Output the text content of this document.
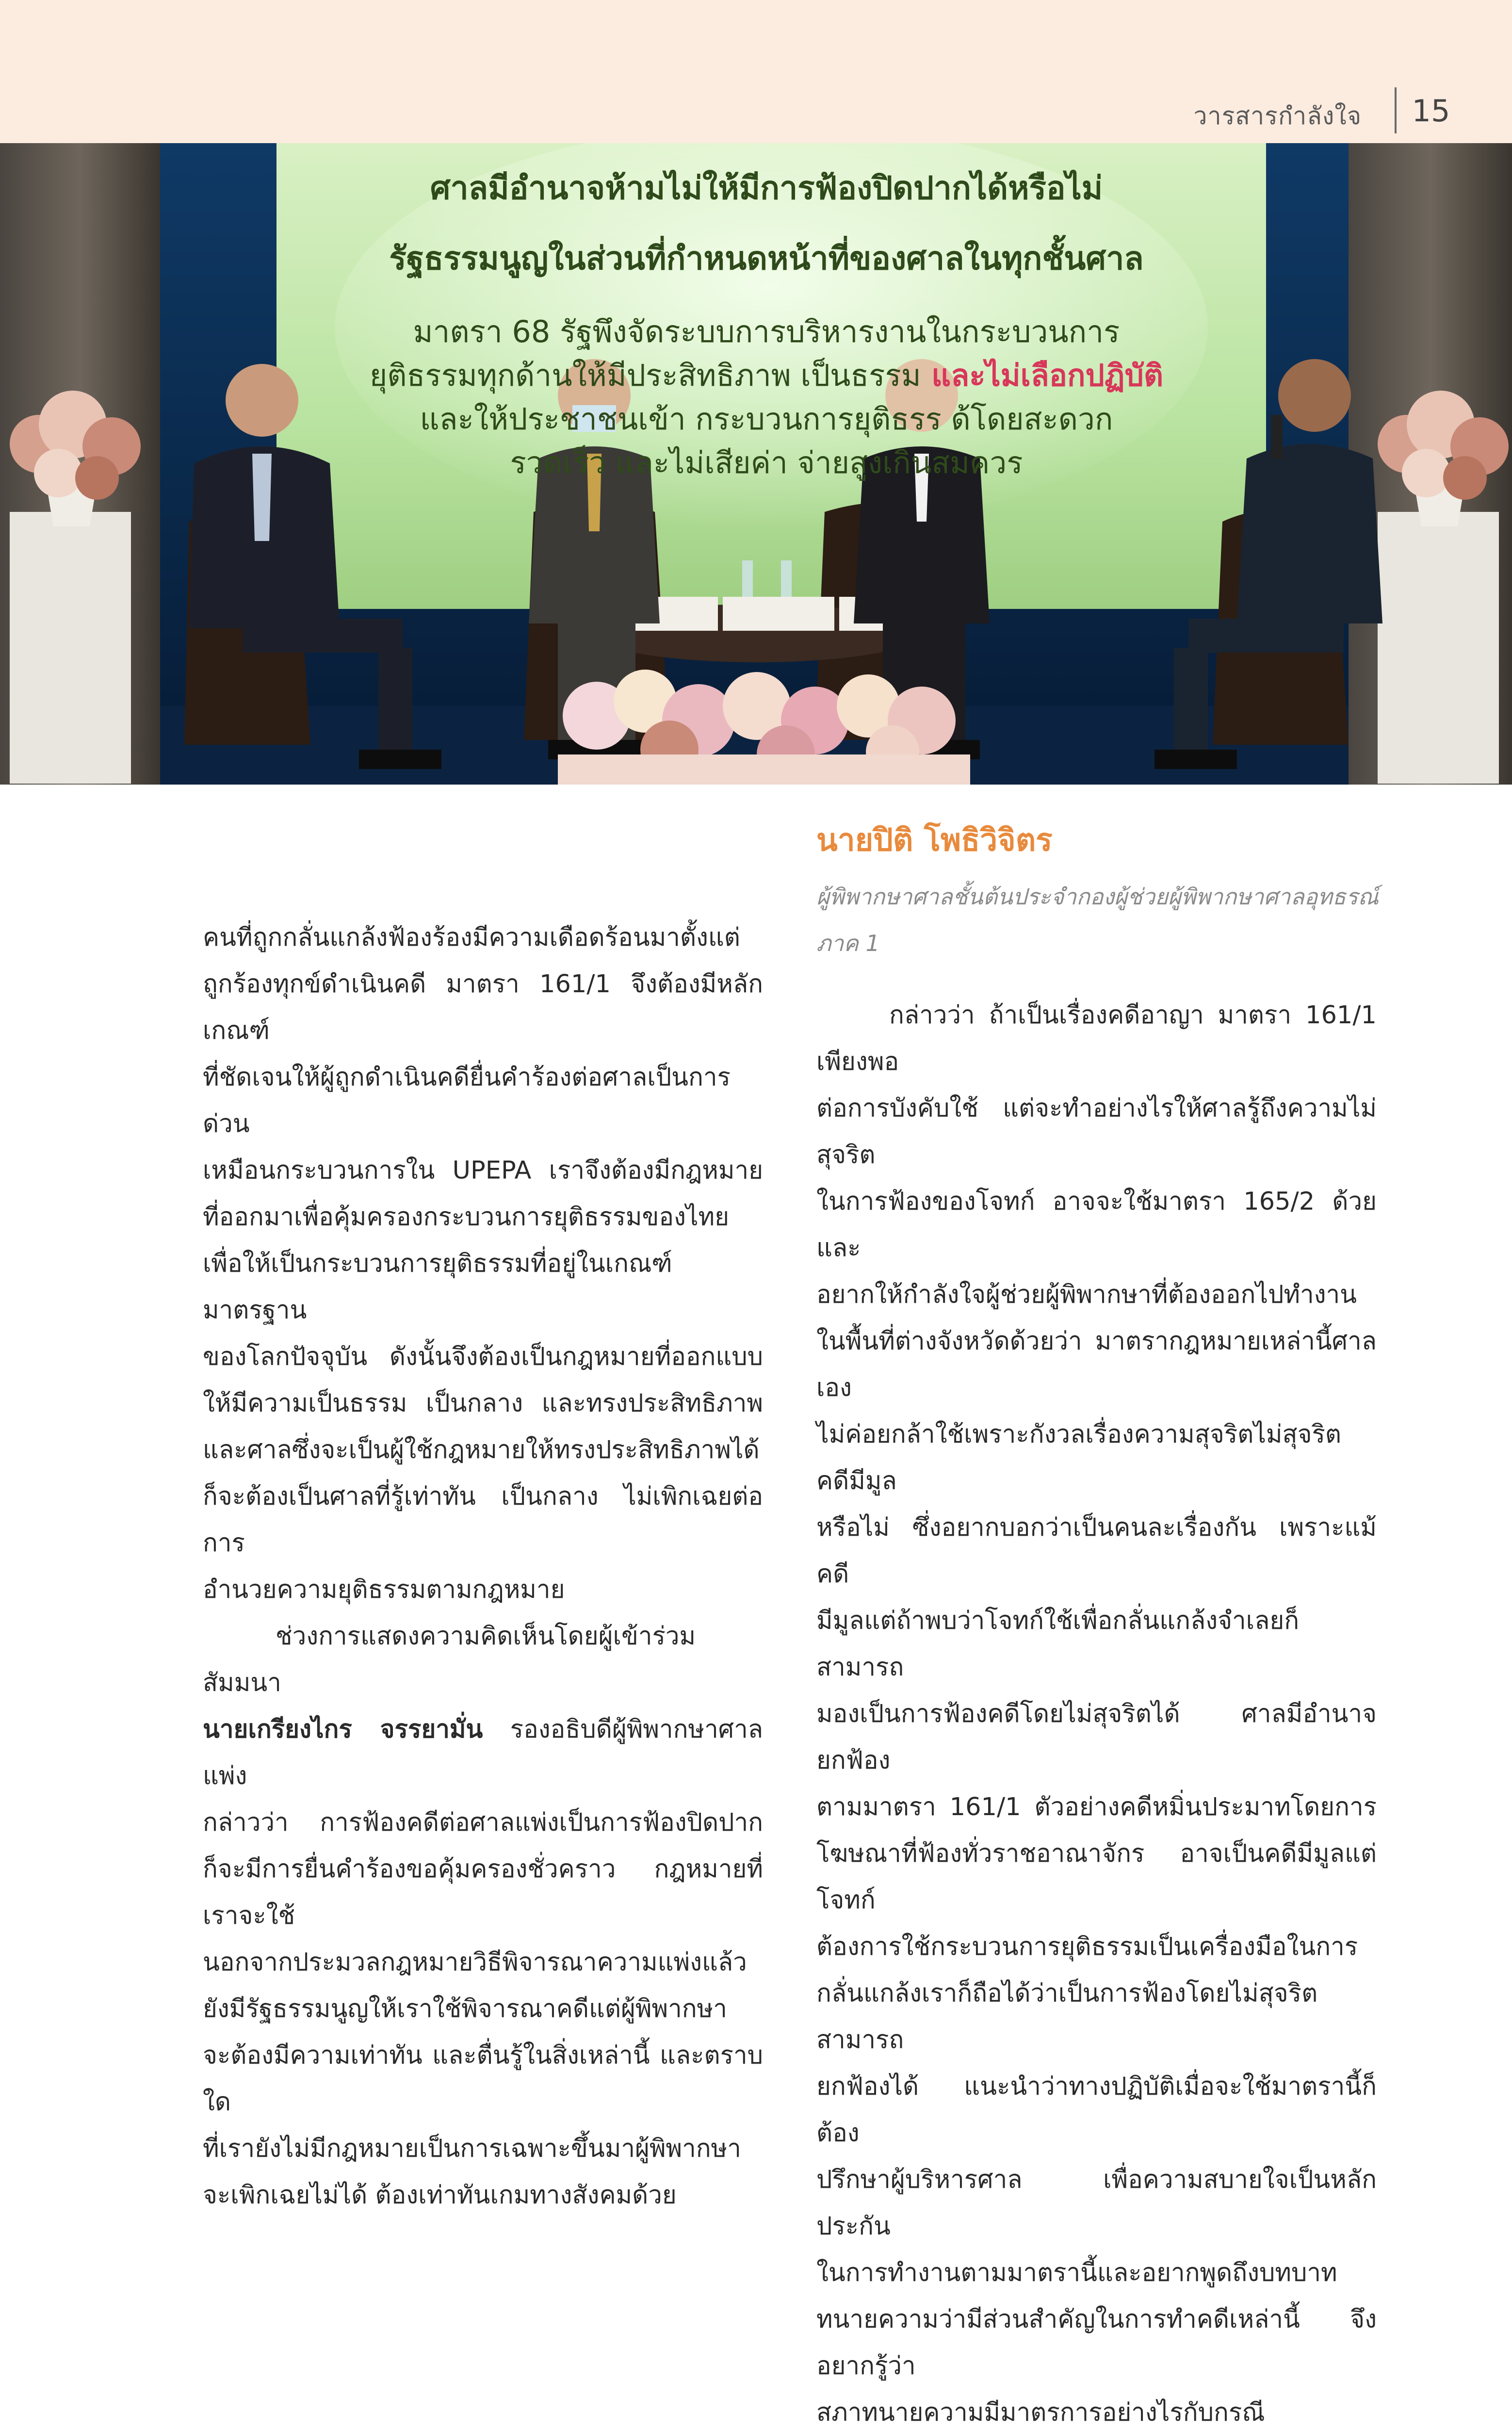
วารสารกำลังใจ	15
ศาลมีอำนาจห้ามไม่ให้มีการฟ้องปิดปากได้หรือไม่
รัฐธรรมนูญในส่วนที่กำหนดหน้าที่ของศาลในทุกชั้นศาล
มาตรา 68 รัฐพึงจัดระบบการบริหารงานในกระบวนการ
ยุติธรรมทุกด้านให้มีประสิทธิภาพ เป็นธรรม และไม่เลือกปฏิบัติ
และให้ประชาชนเข้า กระบวนการยุติธรร ด้โดยสะดวก
รวดเร็ว และไม่เสียค่า จ่ายสูงเกินสมควร
นายปิติ โพธิวิจิตร
ผู้พิพากษาศาลชั้นต้นประจำกองผู้ช่วยผู้พิพากษาศาลอุทธรณ์
ภาค 1

คนที่ถูกกลั่นแกล้งฟ้องร้องมีความเดือดร้อนมาตั้งแต่

ถูกร้องทุกข์ดำเนินคดี มาตรา 161/1 จึงต้องมีหลักเกณฑ์

ที่ชัดเจนให้ผู้ถูกดำเนินคดียื่นคำร้องต่อศาลเป็นการด่วน

เหมือนกระบวนการใน UPEPA เราจึงต้องมีกฎหมาย

ที่ออกมาเพื่อคุ้มครองกระบวนการยุติธรรมของไทย

เพื่อให้เป็นกระบวนการยุติธรรมที่อยู่ในเกณฑ์มาตรฐาน

ของโลกปัจจุบัน ดังนั้นจึงต้องเป็นกฎหมายที่ออกแบบ

ให้มีความเป็นธรรม เป็นกลาง และทรงประสิทธิภาพ

และศาลซึ่งจะเป็นผู้ใช้กฎหมายให้ทรงประสิทธิภาพได้

ก็จะต้องเป็นศาลที่รู้เท่าทัน เป็นกลาง ไม่เพิกเฉยต่อการ

อำนวยความยุติธรรมตามกฎหมาย

ช่วงการแสดงความคิดเห็นโดยผู้เข้าร่วมสัมมนา

นายเกรียงไกร จรรยามั่น รองอธิบดีผู้พิพากษาศาลแพ่ง

กล่าวว่า การฟ้องคดีต่อศาลแพ่งเป็นการฟ้องปิดปาก

ก็จะมีการยื่นคำร้องขอคุ้มครองชั่วคราว กฎหมายที่เราจะใช้

นอกจากประมวลกฎหมายวิธีพิจารณาความแพ่งแล้ว

ยังมีรัฐธรรมนูญให้เราใช้พิจารณาคดีแต่ผู้พิพากษา

จะต้องมีความเท่าทัน และตื่นรู้ในสิ่งเหล่านี้ และตราบใด

ที่เรายังไม่มีกฎหมายเป็นการเฉพาะขึ้นมาผู้พิพากษา

จะเพิกเฉยไม่ได้ ต้องเท่าทันเกมทางสังคมด้วย

กล่าวว่า ถ้าเป็นเรื่องคดีอาญา มาตรา 161/1 เพียงพอ

ต่อการบังคับใช้ แต่จะทำอย่างไรให้ศาลรู้ถึงความไม่สุจริต

ในการฟ้องของโจทก์ อาจจะใช้มาตรา 165/2 ด้วยและ

อยากให้กำลังใจผู้ช่วยผู้พิพากษาที่ต้องออกไปทำงาน

ในพื้นที่ต่างจังหวัดด้วยว่า มาตรากฎหมายเหล่านี้ศาลเอง

ไม่ค่อยกล้าใช้เพราะกังวลเรื่องความสุจริตไม่สุจริต คดีมีมูล

หรือไม่ ซึ่งอยากบอกว่าเป็นคนละเรื่องกัน เพราะแม้คดี

มีมูลแต่ถ้าพบว่าโจทก์ใช้เพื่อกลั่นแกล้งจำเลยก็สามารถ

มองเป็นการฟ้องคดีโดยไม่สุจริตได้ ศาลมีอำนาจยกฟ้อง

ตามมาตรา 161/1 ตัวอย่างคดีหมิ่นประมาทโดยการ

โฆษณาที่ฟ้องทั่วราชอาณาจักร อาจเป็นคดีมีมูลแต่โจทก์

ต้องการใช้กระบวนการยุติธรรมเป็นเครื่องมือในการ

กลั่นแกล้งเราก็ถือได้ว่าเป็นการฟ้องโดยไม่สุจริตสามารถ

ยกฟ้องได้ แนะนำว่าทางปฏิบัติเมื่อจะใช้มาตรานี้ก็ต้อง

ปรึกษาผู้บริหารศาล เพื่อความสบายใจเป็นหลักประกัน

ในการทำงานตามมาตรานี้และอยากพูดถึงบทบาท

ทนายความว่ามีส่วนสำคัญในการทำคดีเหล่านี้ จึงอยากรู้ว่า

สภาทนายความมีมาตรการอย่างไรกับกรณี
